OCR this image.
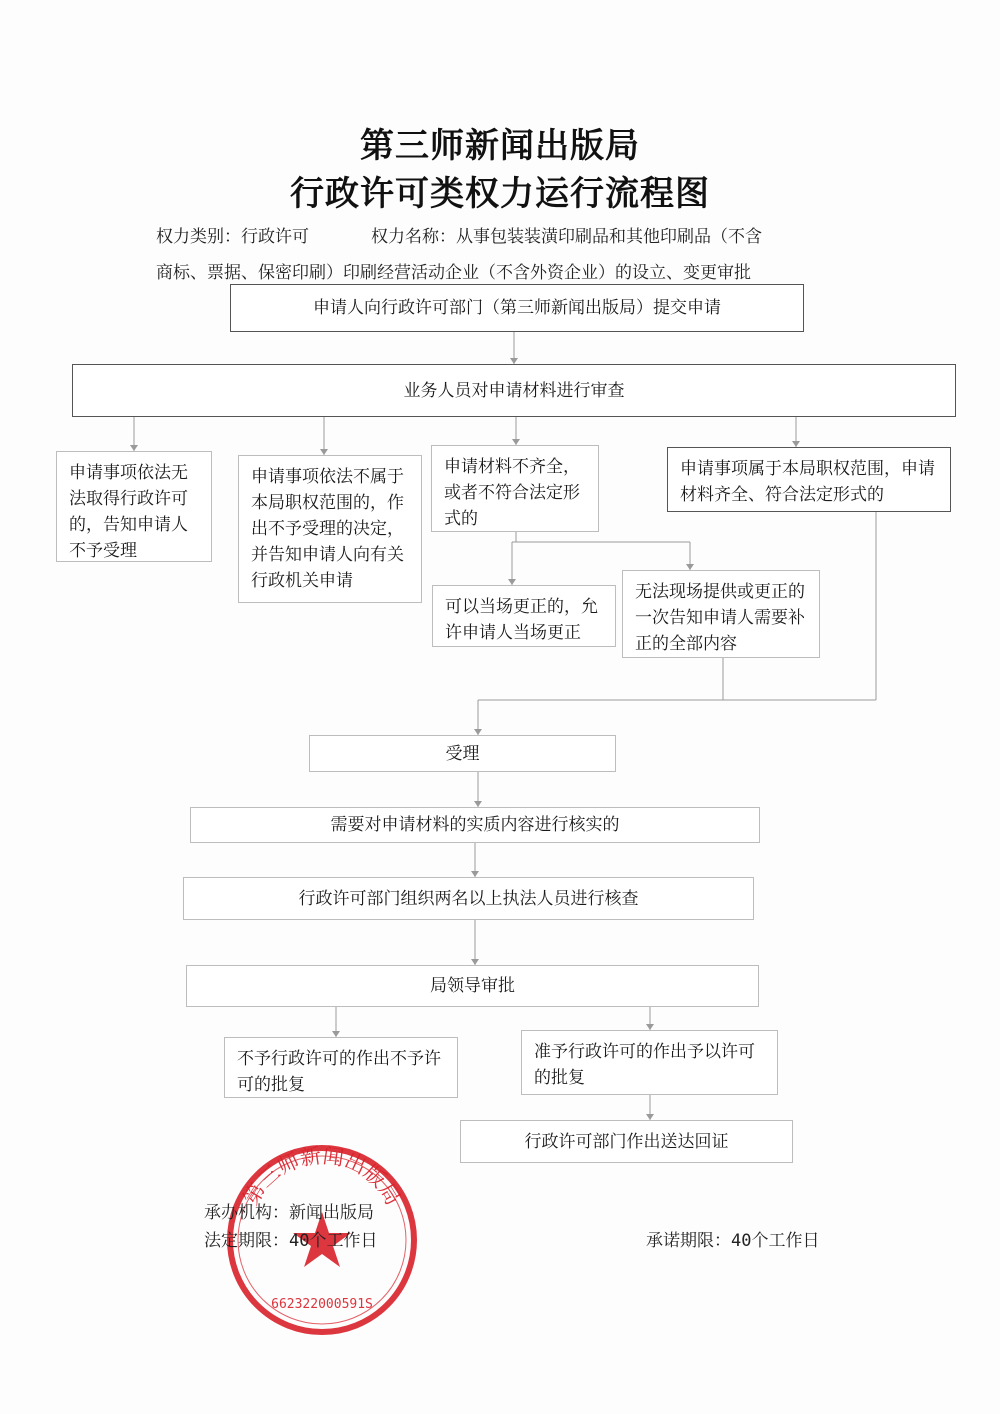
第三师新闻出版局
行政许可类权力运行流程图
权力类别：行政许可	权力名称：从事包装装潢印刷品和其他印刷品（不含
商标、票据、保密印刷）印刷经营活动企业（不含外资企业）的设立、变更审批
申请人向行政许可部门（第三师新闻出版局）提交申请
业务人员对申请材料进行审查
申请事项依法无法取得行政许可的，告知申请人不予受理
申请事项依法不属于本局职权范围的，作出不予受理的决定，并告知申请人向有关行政机关申请
申请材料不齐全，或者不符合法定形式的
申请事项属于本局职权范围，申请材料齐全、符合法定形式的
可以当场更正的，允许申请人当场更正
无法现场提供或更正的一次告知申请人需要补正的全部内容
受理
需要对申请材料的实质内容进行核实的
行政许可部门组织两名以上执法人员进行核查
局领导审批
不予行政许可的作出不予许可的批复
准予行政许可的作出予以许可的批复
行政许可部门作出送达回证
第三师新闻出版局
662322000591S
承办机构：新闻出版局
法定期限：40个工作日	承诺期限：40个工作日
